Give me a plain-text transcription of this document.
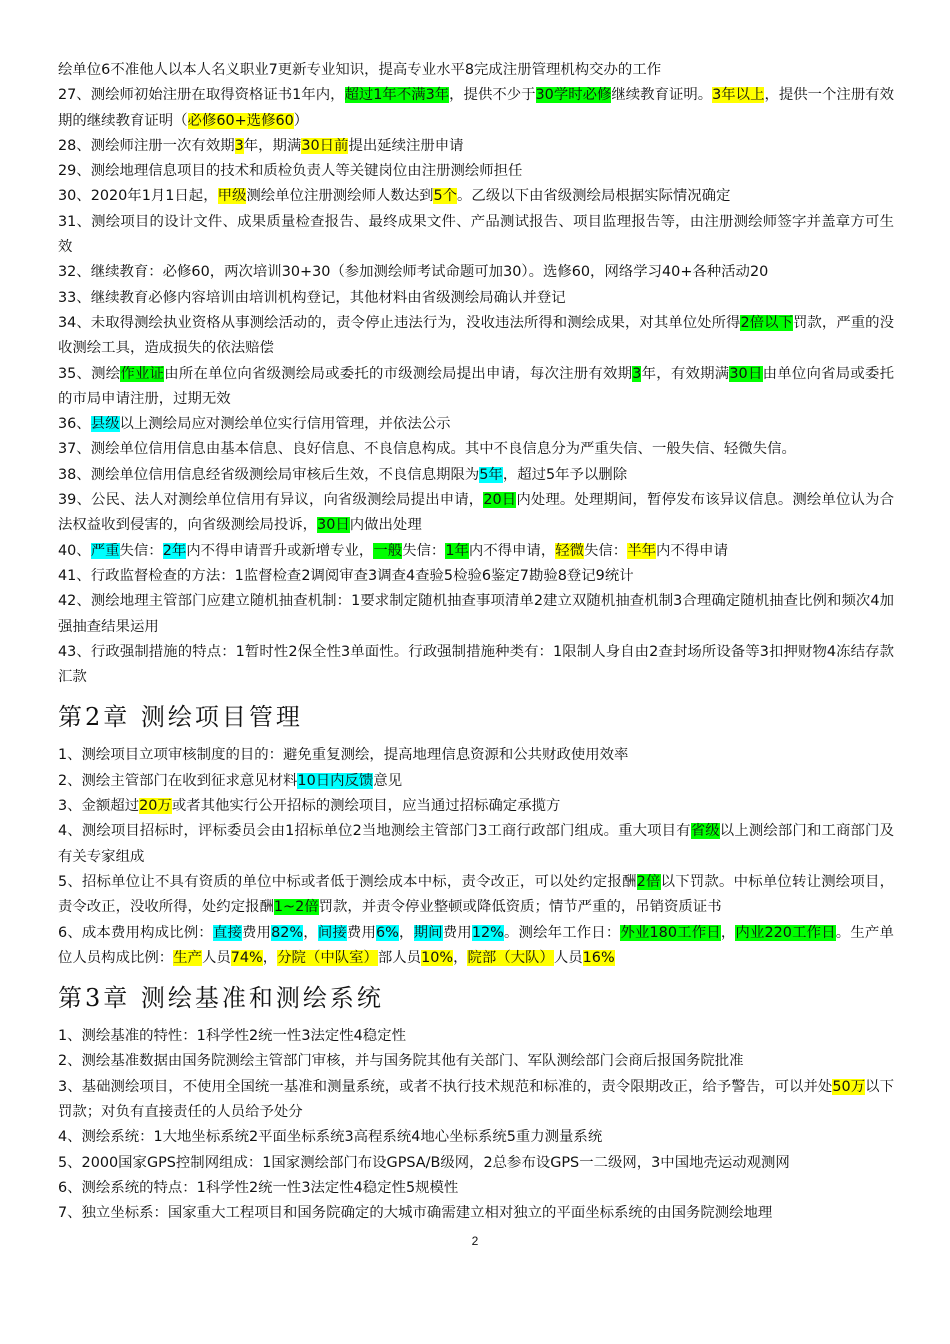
绘单位6不准他人以本人名义职业7更新专业知识，提高专业水平8完成注册管理机构交办的工作

27、测绘师初始注册在取得资格证书1年内，超过1年不满3年，提供不少于30学时必修继续教育证明。3年以上，提供一个注册有效期的继续教育证明（必修60+选修60）

28、测绘师注册一次有效期3年，期满30日前提出延续注册申请

29、测绘地理信息项目的技术和质检负责人等关键岗位由注册测绘师担任

30、2020年1月1日起，甲级测绘单位注册测绘师人数达到5个。乙级以下由省级测绘局根据实际情况确定

31、测绘项目的设计文件、成果质量检查报告、最终成果文件、产品测试报告、项目监理报告等，由注册测绘师签字并盖章方可生效

32、继续教育：必修60，两次培训30+30（参加测绘师考试命题可加30）。选修60，网络学习40+各种活动20

33、继续教育必修内容培训由培训机构登记，其他材料由省级测绘局确认并登记

34、未取得测绘执业资格从事测绘活动的，责令停止违法行为，没收违法所得和测绘成果，对其单位处所得2倍以下罚款，严重的没收测绘工具，造成损失的依法赔偿

35、测绘作业证由所在单位向省级测绘局或委托的市级测绘局提出申请，每次注册有效期3年，有效期满30日由单位向省局或委托的市局申请注册，过期无效

36、县级以上测绘局应对测绘单位实行信用管理，并依法公示

37、测绘单位信用信息由基本信息、良好信息、不良信息构成。其中不良信息分为严重失信、一般失信、轻微失信。

38、测绘单位信用信息经省级测绘局审核后生效，不良信息期限为5年，超过5年予以删除

39、公民、法人对测绘单位信用有异议，向省级测绘局提出申请，20日内处理。处理期间，暂停发布该异议信息。测绘单位认为合法权益收到侵害的，向省级测绘局投诉，30日内做出处理

40、严重失信：2年内不得申请晋升或新增专业，一般失信：1年内不得申请，轻微失信：半年内不得申请

41、行政监督检查的方法：1监督检查2调阅审查3调查4查验5检验6鉴定7勘验8登记9统计

42、测绘地理主管部门应建立随机抽查机制：1要求制定随机抽查事项清单2建立双随机抽查机制3合理确定随机抽查比例和频次4加强抽查结果运用

43、行政强制措施的特点：1暂时性2保全性3单面性。行政强制措施种类有：1限制人身自由2查封场所设备等3扣押财物4冻结存款汇款

第2章 测绘项目管理

1、测绘项目立项审核制度的目的：避免重复测绘，提高地理信息资源和公共财政使用效率

2、测绘主管部门在收到征求意见材料10日内反馈意见

3、金额超过20万或者其他实行公开招标的测绘项目，应当通过招标确定承揽方

4、测绘项目招标时，评标委员会由1招标单位2当地测绘主管部门3工商行政部门组成。重大项目有省级以上测绘部门和工商部门及有关专家组成

5、招标单位让不具有资质的单位中标或者低于测绘成本中标，责令改正，可以处约定报酬2倍以下罚款。中标单位转让测绘项目，责令改正，没收所得，处约定报酬1~2倍罚款，并责令停业整顿或降低资质；情节严重的，吊销资质证书

6、成本费用构成比例：直接费用82%，间接费用6%，期间费用12%。测绘年工作日：外业180工作日，内业220工作日。生产单位人员构成比例：生产人员74%，分院（中队室）部人员10%，院部（大队）人员16%

第3章 测绘基准和测绘系统

1、测绘基准的特性：1科学性2统一性3法定性4稳定性

2、测绘基准数据由国务院测绘主管部门审核，并与国务院其他有关部门、军队测绘部门会商后报国务院批准

3、基础测绘项目，不使用全国统一基准和测量系统，或者不执行技术规范和标准的，责令限期改正，给予警告，可以并处50万以下罚款；对负有直接责任的人员给予处分

4、测绘系统：1大地坐标系统2平面坐标系统3高程系统4地心坐标系统5重力测量系统

5、2000国家GPS控制网组成：1国家测绘部门布设GPSA/B级网，2总参布设GPS一二级网，3中国地壳运动观测网

6、测绘系统的特点：1科学性2统一性3法定性4稳定性5规模性

7、独立坐标系：国家重大工程项目和国务院确定的大城市确需建立相对独立的平面坐标系统的由国务院测绘地理

2
